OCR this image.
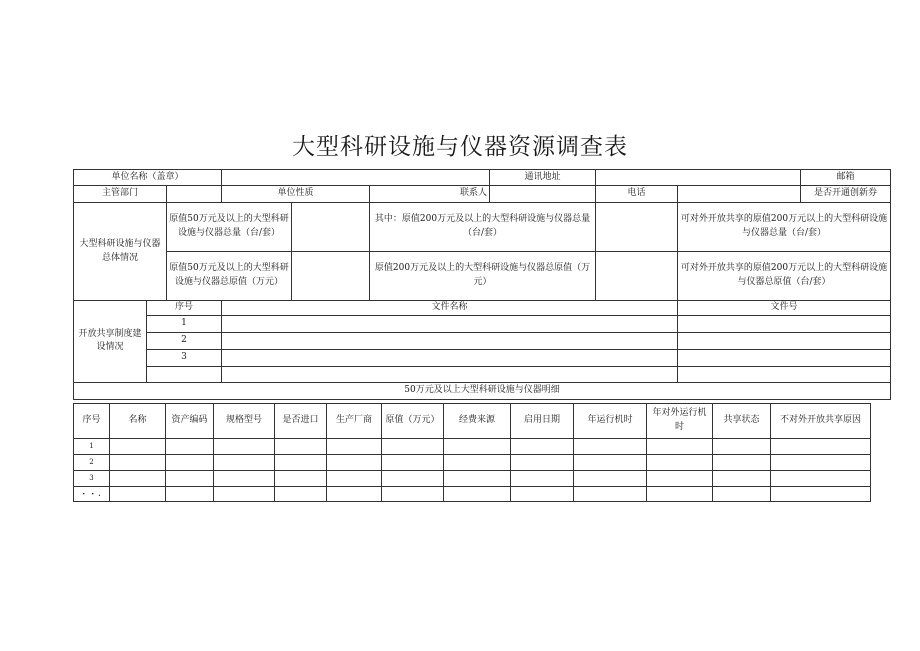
大型科研设施与仪器资源调查表
单位名称（盖章）						通讯地址			邮箱	
主管部门			单位性质		联系人		电话		是否开通创新券	
大型科研设施与仪器总体情况		原值50万元及以上的大型科研设施与仪器总量（台/套）			其中：原值200万元及以上的大型科研设施与仪器总量（台/套）			可对外开放共享的原值200万元以上的大型科研设施与仪器总量（台/套）		
		原值50万元及以上的大型科研设施与仪器总原值（万元）			原值200万元及以上的大型科研设施与仪器总原值（万元）			可对外开放共享的原值200万元以上的大型科研设施与仪器总原值（台/套）		
开放共享制度建设情况	序号		文件名称					文件号		
	1									
	2									
	3									

50万元及以上大型科研设施与仪器明细										
序号	名称	资产编码	规格型号	是否进口	生产厂商	原值（万元）	经费来源	启用日期	年运行机时	年对外运行机时	共享状态	不对外开放共享原因
1												
2												
3												
・・.												
